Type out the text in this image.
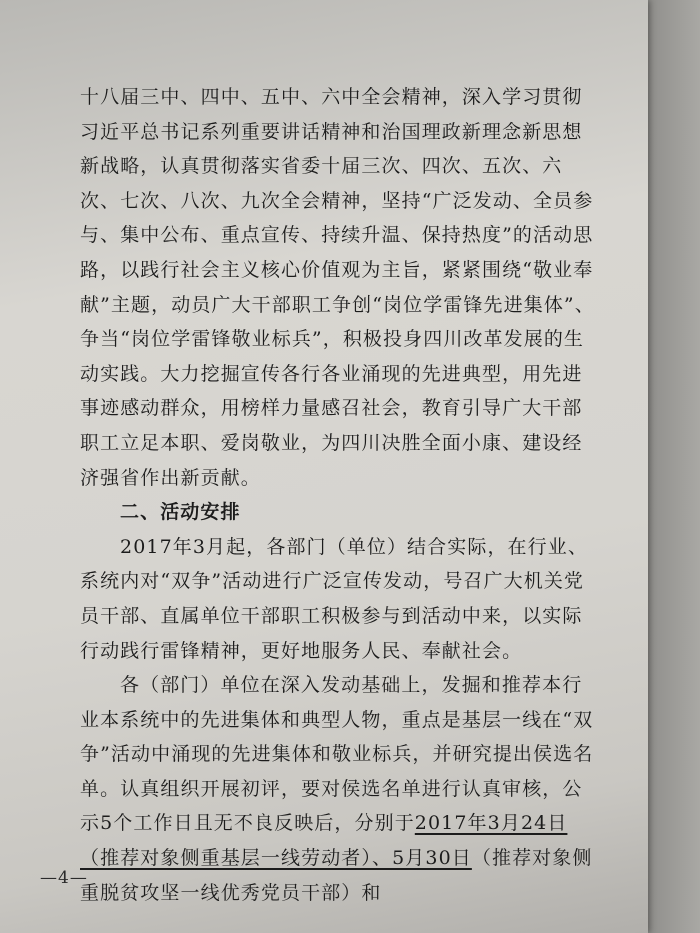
十八届三中、四中、五中、六中全会精神，深入学习贯彻习近平总书记系列重要讲话精神和治国理政新理念新思想新战略，认真贯彻落实省委十届三次、四次、五次、六次、七次、八次、九次全会精神，坚持“广泛发动、全员参与、集中公布、重点宣传、持续升温、保持热度”的活动思路，以践行社会主义核心价值观为主旨，紧紧围绕“敬业奉献”主题，动员广大干部职工争创“岗位学雷锋先进集体”、争当“岗位学雷锋敬业标兵”，积极投身四川改革发展的生动实践。大力挖掘宣传各行各业涌现的先进典型，用先进事迹感动群众，用榜样力量感召社会，教育引导广大干部职工立足本职、爱岗敬业，为四川决胜全面小康、建设经济强省作出新贡献。

二、活动安排

2017年3月起，各部门（单位）结合实际，在行业、系统内对“双争”活动进行广泛宣传发动，号召广大机关党员干部、直属单位干部职工积极参与到活动中来，以实际行动践行雷锋精神，更好地服务人民、奉献社会。

各（部门）单位在深入发动基础上，发掘和推荐本行业本系统中的先进集体和典型人物，重点是基层一线在“双争”活动中涌现的先进集体和敬业标兵，并研究提出侯选名单。认真组织开展初评，要对侯选名单进行认真审核，公示5个工作日且无不良反映后，分别于2017年3月24日（推荐对象侧重基层一线劳动者）、5月30日（推荐对象侧重脱贫攻坚一线优秀党员干部）和

—4—
